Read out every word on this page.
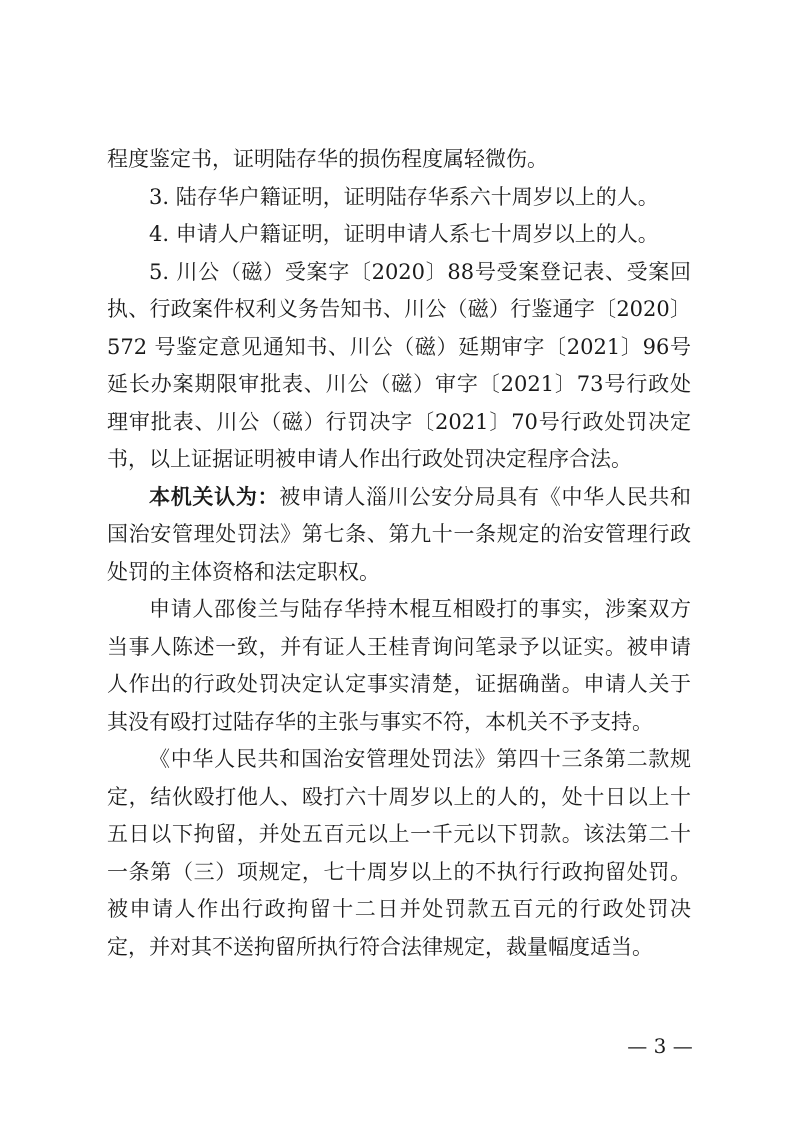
程度鉴定书，证明陆存华的损伤程度属轻微伤。

3. 陆存华户籍证明，证明陆存华系六十周岁以上的人。

4. 申请人户籍证明，证明申请人系七十周岁以上的人。

5. 川公（磁）受案字〔2020〕88号受案登记表、受案回执、行政案件权利义务告知书、川公（磁）行鉴通字〔2020〕572 号鉴定意见通知书、川公（磁）延期审字〔2021〕96号延长办案期限审批表、川公（磁）审字〔2021〕73号行政处理审批表、川公（磁）行罚决字〔2021〕70号行政处罚决定书，以上证据证明被申请人作出行政处罚决定程序合法。

本机关认为：被申请人淄川公安分局具有《中华人民共和国治安管理处罚法》第七条、第九十一条规定的治安管理行政处罚的主体资格和法定职权。

申请人邵俊兰与陆存华持木棍互相殴打的事实，涉案双方当事人陈述一致，并有证人王桂青询问笔录予以证实。被申请人作出的行政处罚决定认定事实清楚，证据确凿。申请人关于其没有殴打过陆存华的主张与事实不符，本机关不予支持。

《中华人民共和国治安管理处罚法》第四十三条第二款规定，结伙殴打他人、殴打六十周岁以上的人的，处十日以上十五日以下拘留，并处五百元以上一千元以下罚款。该法第二十一条第（三）项规定，七十周岁以上的不执行行政拘留处罚。被申请人作出行政拘留十二日并处罚款五百元的行政处罚决定，并对其不送拘留所执行符合法律规定，裁量幅度适当。

— 3 —
